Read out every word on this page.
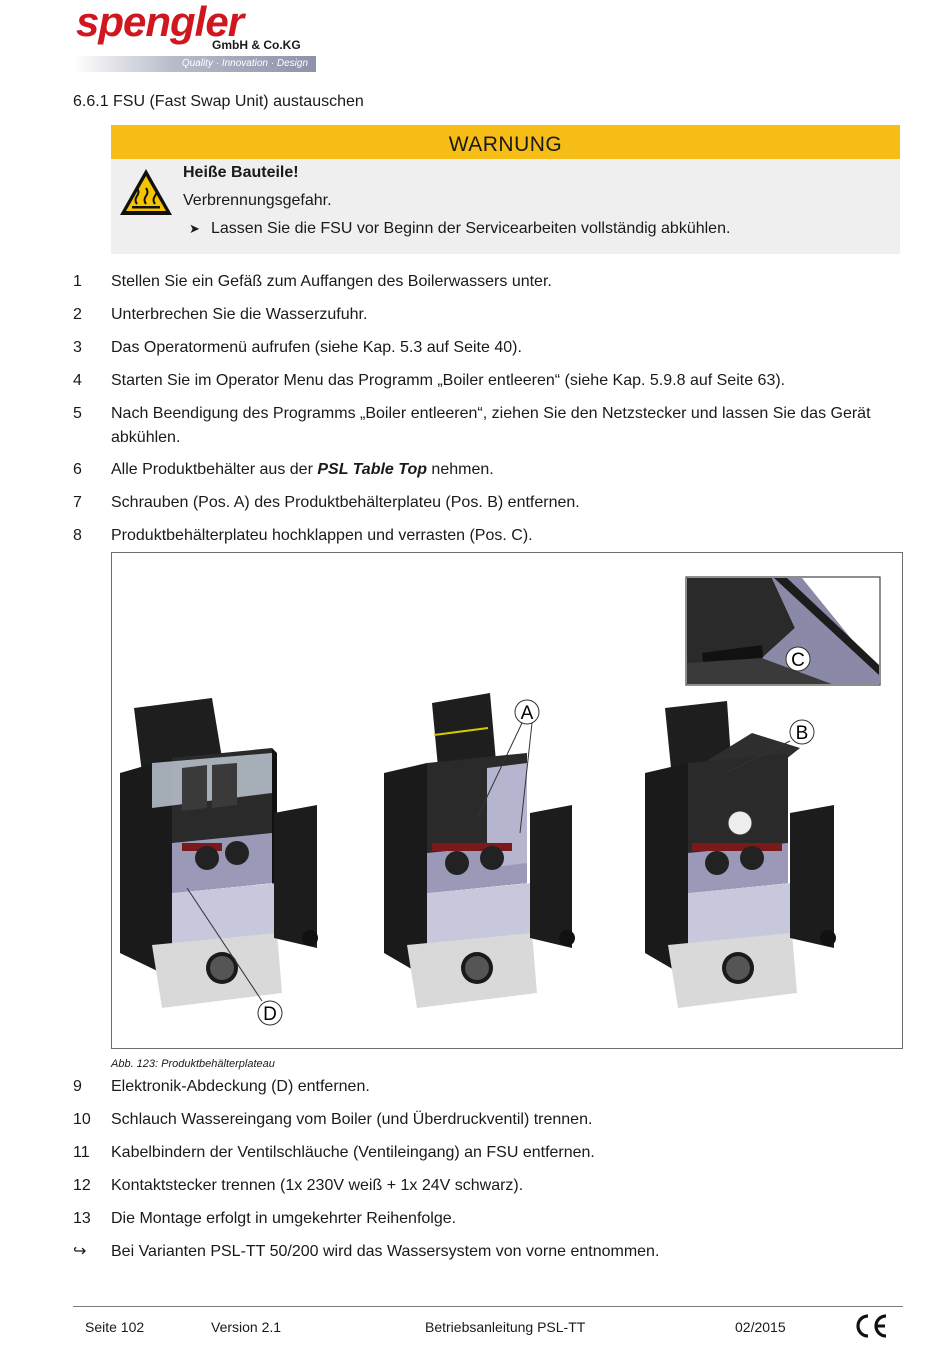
spengler
GmbH & Co.KG
Quality · Innovation · Design
6.6.1 FSU (Fast Swap Unit) austauschen
WARNUNG
Heiße Bauteile!
Verbrennungsgefahr.
➤ Lassen Sie die FSU vor Beginn der Servicearbeiten vollständig abkühlen.
1	Stellen Sie ein Gefäß zum Auffangen des Boilerwassers unter.
2	Unterbrechen Sie die Wasserzufuhr.
3	Das Operatormenü aufrufen (siehe Kap. 5.3 auf Seite 40).
4	Starten Sie im Operator Menu das Programm „Boiler entleeren“ (siehe Kap. 5.9.8 auf Seite 63).
5	Nach Beendigung des Programms „Boiler entleeren“, ziehen Sie den Netzstecker und lassen Sie das Gerät abkühlen.
6	Alle Produktbehälter aus der PSL Table Top nehmen.
7	Schrauben (Pos. A) des Produktbehälterplateu (Pos. B) entfernen.
8	Produktbehälterplateu hochklappen und verrasten (Pos. C).
A
B
C
D
Abb. 123: Produktbehälterplateau
9	Elektronik-Abdeckung (D) entfernen.
10	Schlauch Wassereingang vom Boiler (und Überdruckventil) trennen.
11	Kabelbindern der Ventilschläuche (Ventileingang) an FSU entfernen.
12	Kontaktstecker trennen (1x 230V weiß + 1x 24V schwarz).
13	Die Montage erfolgt in umgekehrter Reihenfolge.
↪	Bei Varianten PSL-TT 50/200 wird das Wassersystem von vorne entnommen.
Seite 102	Version 2.1	Betriebsanleitung PSL-TT	02/2015
